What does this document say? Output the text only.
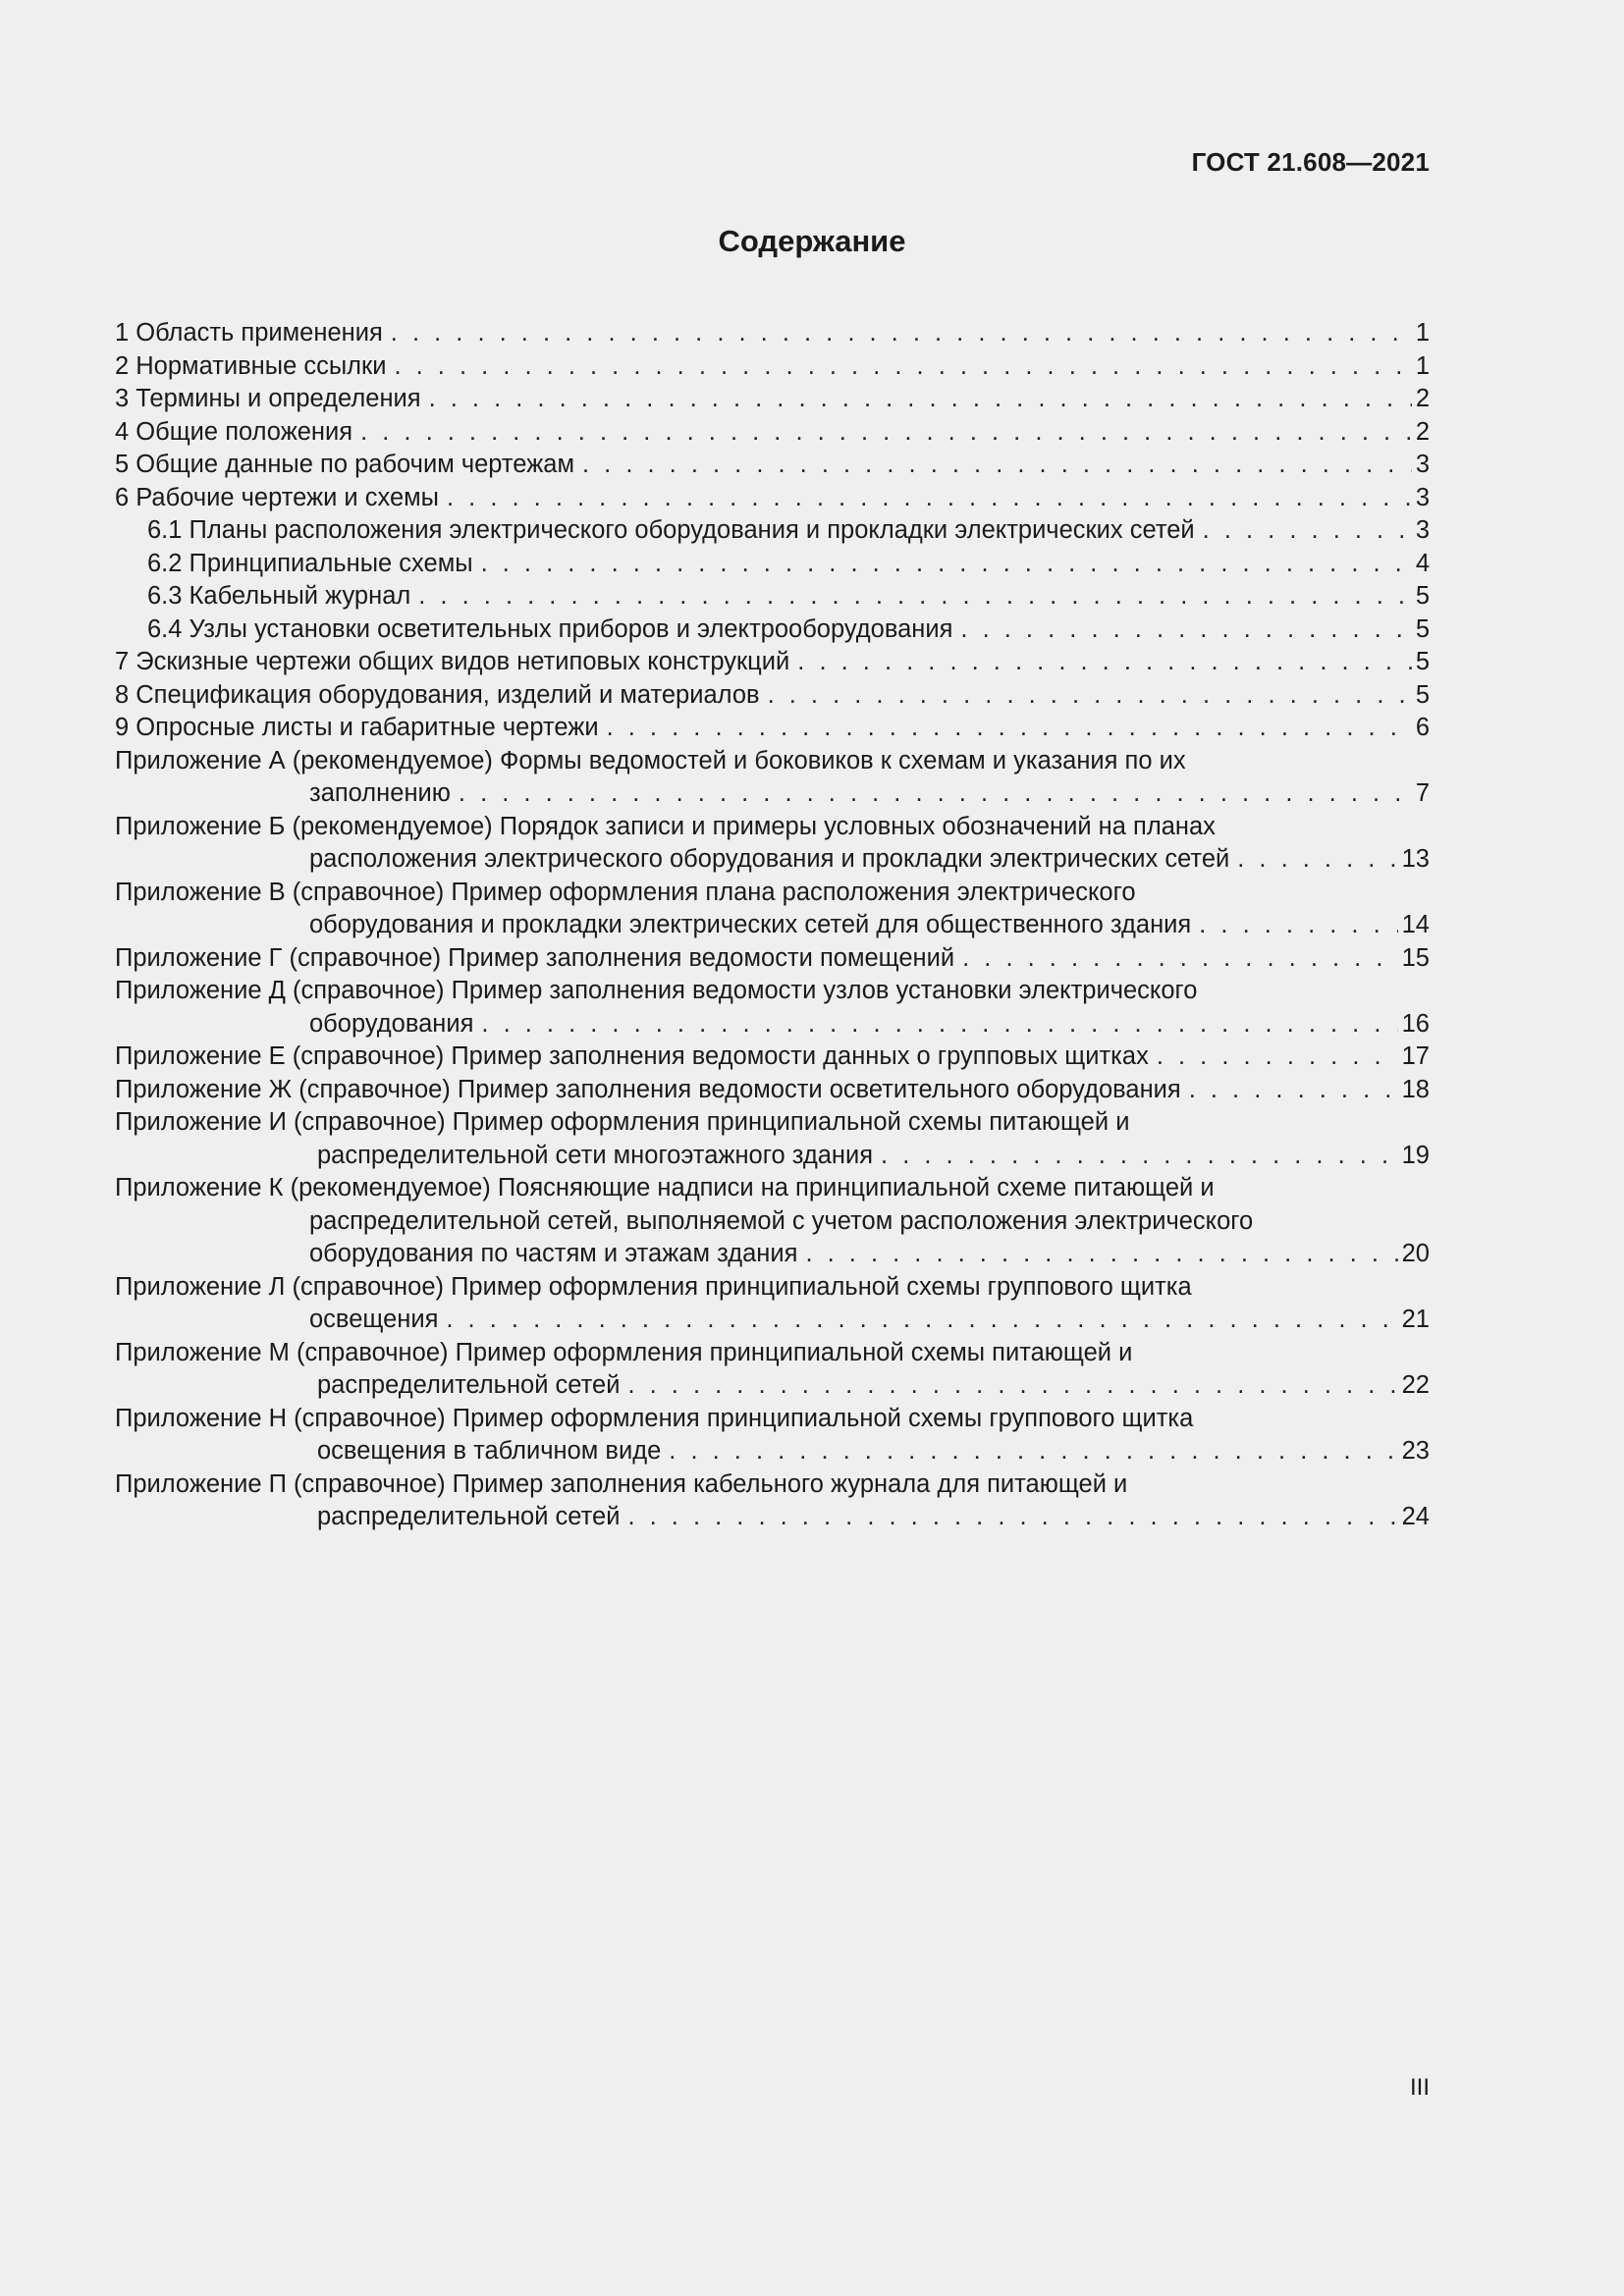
ГОСТ 21.608—2021
Содержание
1 Область применения . . .	1
2 Нормативные ссылки . . .	1
3 Термины и определения . . .	2
4 Общие положения . . .	2
5 Общие данные по рабочим чертежам . . .	3
6 Рабочие чертежи и схемы . . .	3
6.1 Планы расположения электрического оборудования и прокладки электрических сетей . . .	3
6.2 Принципиальные схемы . . .	4
6.3 Кабельный журнал . . .	5
6.4 Узлы установки осветительных приборов и электрооборудования . . .	5
7 Эскизные чертежи общих видов нетиповых конструкций . . .	5
8 Спецификация оборудования, изделий и материалов . . .	5
9 Опросные листы и габаритные чертежи . . .	6
Приложение А (рекомендуемое) Формы ведомостей и боковиков к схемам и указания по их
заполнению . . .	7
Приложение Б (рекомендуемое) Порядок записи и примеры условных обозначений на планах
расположения электрического оборудования и прокладки электрических сетей . . .	13
Приложение В (справочное) Пример оформления плана расположения электрического
оборудования и прокладки электрических сетей для общественного здания . . .	14
Приложение Г (справочное) Пример заполнения ведомости помещений . . .	15
Приложение Д (справочное) Пример заполнения ведомости узлов установки электрического
оборудования . . .	16
Приложение Е (справочное) Пример заполнения ведомости данных о групповых щитках . . .	17
Приложение Ж (справочное) Пример заполнения ведомости осветительного оборудования . . .	18
Приложение И (справочное) Пример оформления принципиальной схемы питающей и
распределительной сети многоэтажного здания . . .	19
Приложение К (рекомендуемое) Поясняющие надписи на принципиальной схеме питающей и
распределительной сетей, выполняемой с учетом расположения электрического
оборудования по частям и этажам здания . . .	20
Приложение Л (справочное) Пример оформления принципиальной схемы группового щитка
освещения . . .	21
Приложение М (справочное) Пример оформления принципиальной схемы питающей и
распределительной сетей . . .	22
Приложение Н (справочное) Пример оформления принципиальной схемы группового щитка
освещения в табличном виде . . .	23
Приложение П (справочное) Пример заполнения кабельного журнала для питающей и
распределительной сетей . . .	24
III
